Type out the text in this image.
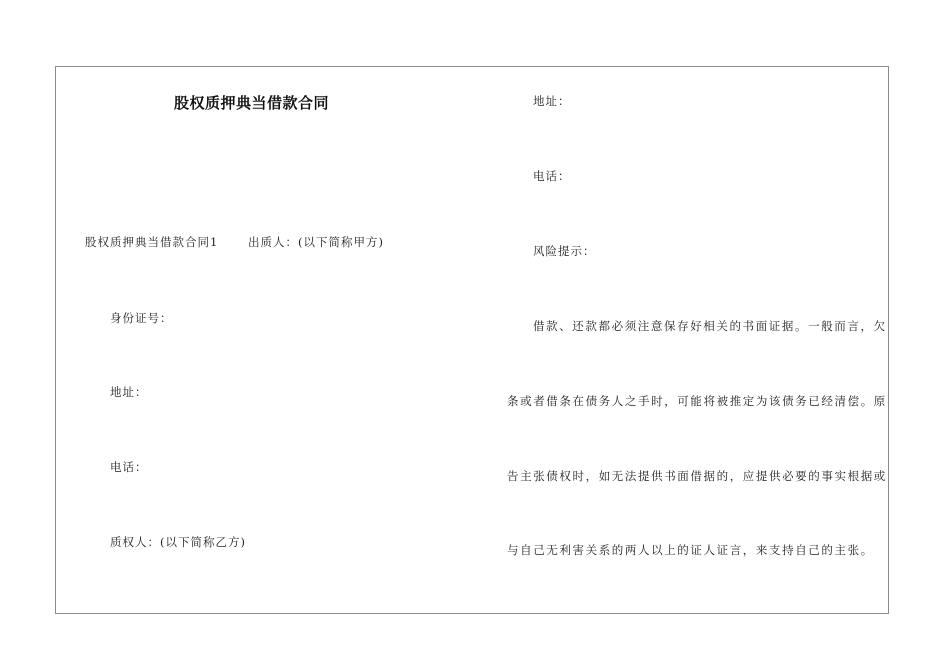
股权质押典当借款合同
股权质押典当借款合同1	出质人：(以下简称甲方)
身份证号：
地址：
电话：
质权人：(以下简称乙方)
地址：
电话：
风险提示：
借款、还款都必须注意保存好相关的书面证据。一般而言，欠
条或者借条在债务人之手时，可能将被推定为该债务已经清偿。原
告主张债权时，如无法提供书面借据的，应提供必要的事实根据或
与自己无利害关系的两人以上的证人证言，来支持自己的主张。
